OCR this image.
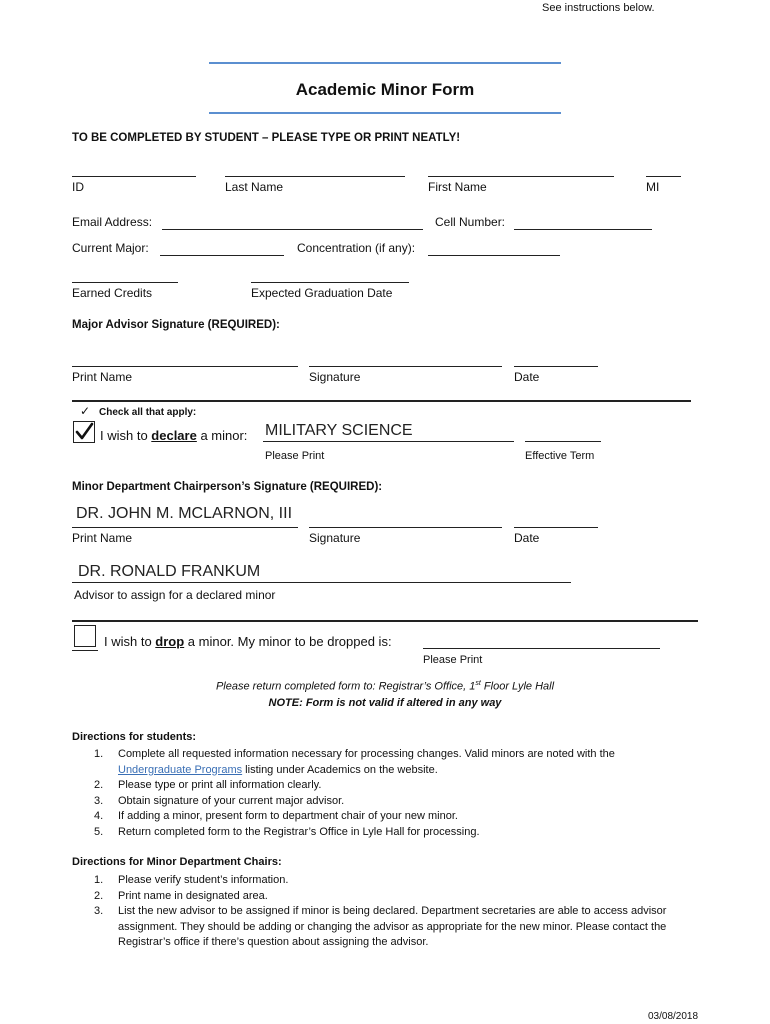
See instructions below.
Academic Minor Form
TO BE COMPLETED BY STUDENT – PLEASE TYPE OR PRINT NEATLY!
ID	Last Name	First Name	MI
Email Address:	Cell Number:
Current Major:	Concentration (if any):
Earned Credits	Expected Graduation Date
Major Advisor Signature (REQUIRED):
Print Name	Signature	Date
✓ Check all that apply:
I wish to declare a minor: MILITARY SCIENCE
Please Print	Effective Term
Minor Department Chairperson’s Signature (REQUIRED):
DR. JOHN M. MCLARNON, III
Print Name	Signature	Date
DR. RONALD FRANKUM
Advisor to assign for a declared minor
I wish to drop a minor. My minor to be dropped is:
Please Print
Please return completed form to: Registrar’s Office, 1st Floor Lyle Hall
NOTE: Form is not valid if altered in any way
Directions for students:
1. Complete all requested information necessary for processing changes. Valid minors are noted with the
Undergraduate Programs listing under Academics on the website.
2. Please type or print all information clearly.
3. Obtain signature of your current major advisor.
4. If adding a minor, present form to department chair of your new minor.
5. Return completed form to the Registrar’s Office in Lyle Hall for processing.
Directions for Minor Department Chairs:
1. Please verify student’s information.
2. Print name in designated area.
3. List the new advisor to be assigned if minor is being declared. Department secretaries are able to access advisor assignment. They should be adding or changing the advisor as appropriate for the new minor. Please contact the Registrar’s office if there’s question about assigning the advisor.
03/08/2018
